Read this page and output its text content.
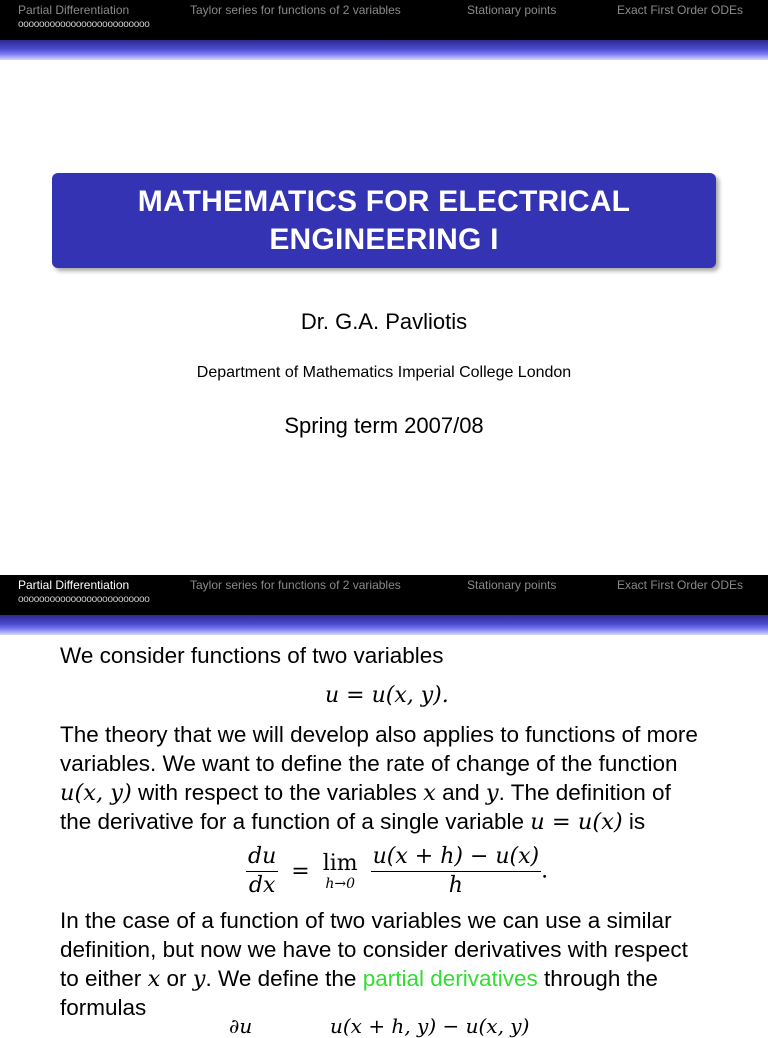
Partial Differentiation	Taylor series for functions of 2 variables	Stationary points	Exact First Order ODEs
ooooooooooooooooooooooooo
MATHEMATICS FOR ELECTRICAL
ENGINEERING I
Dr. G.A. Pavliotis
Department of Mathematics Imperial College London
Spring term 2007/08
Partial Differentiation	Taylor series for functions of 2 variables	Stationary points	Exact First Order ODEs
ooooooooooooooooooooooooo
We consider functions of two variables
u = u(x, y).
The theory that we will develop also applies to functions of more
variables. We want to define the rate of change of the function
u(x, y) with respect to the variables x and y. The definition of
the derivative for a function of a single variable u = u(x) is
$\frac{du}{dx} = \lim$
h→0
$\frac{u(x + h) - u(x)}{h}$ .
In the case of a function of two variables we can use a similar
definition, but now we have to consider derivatives with respect
to either x or y. We define the partial derivatives through the
formulas
∂u	u(x + h, y) − u(x, y)
